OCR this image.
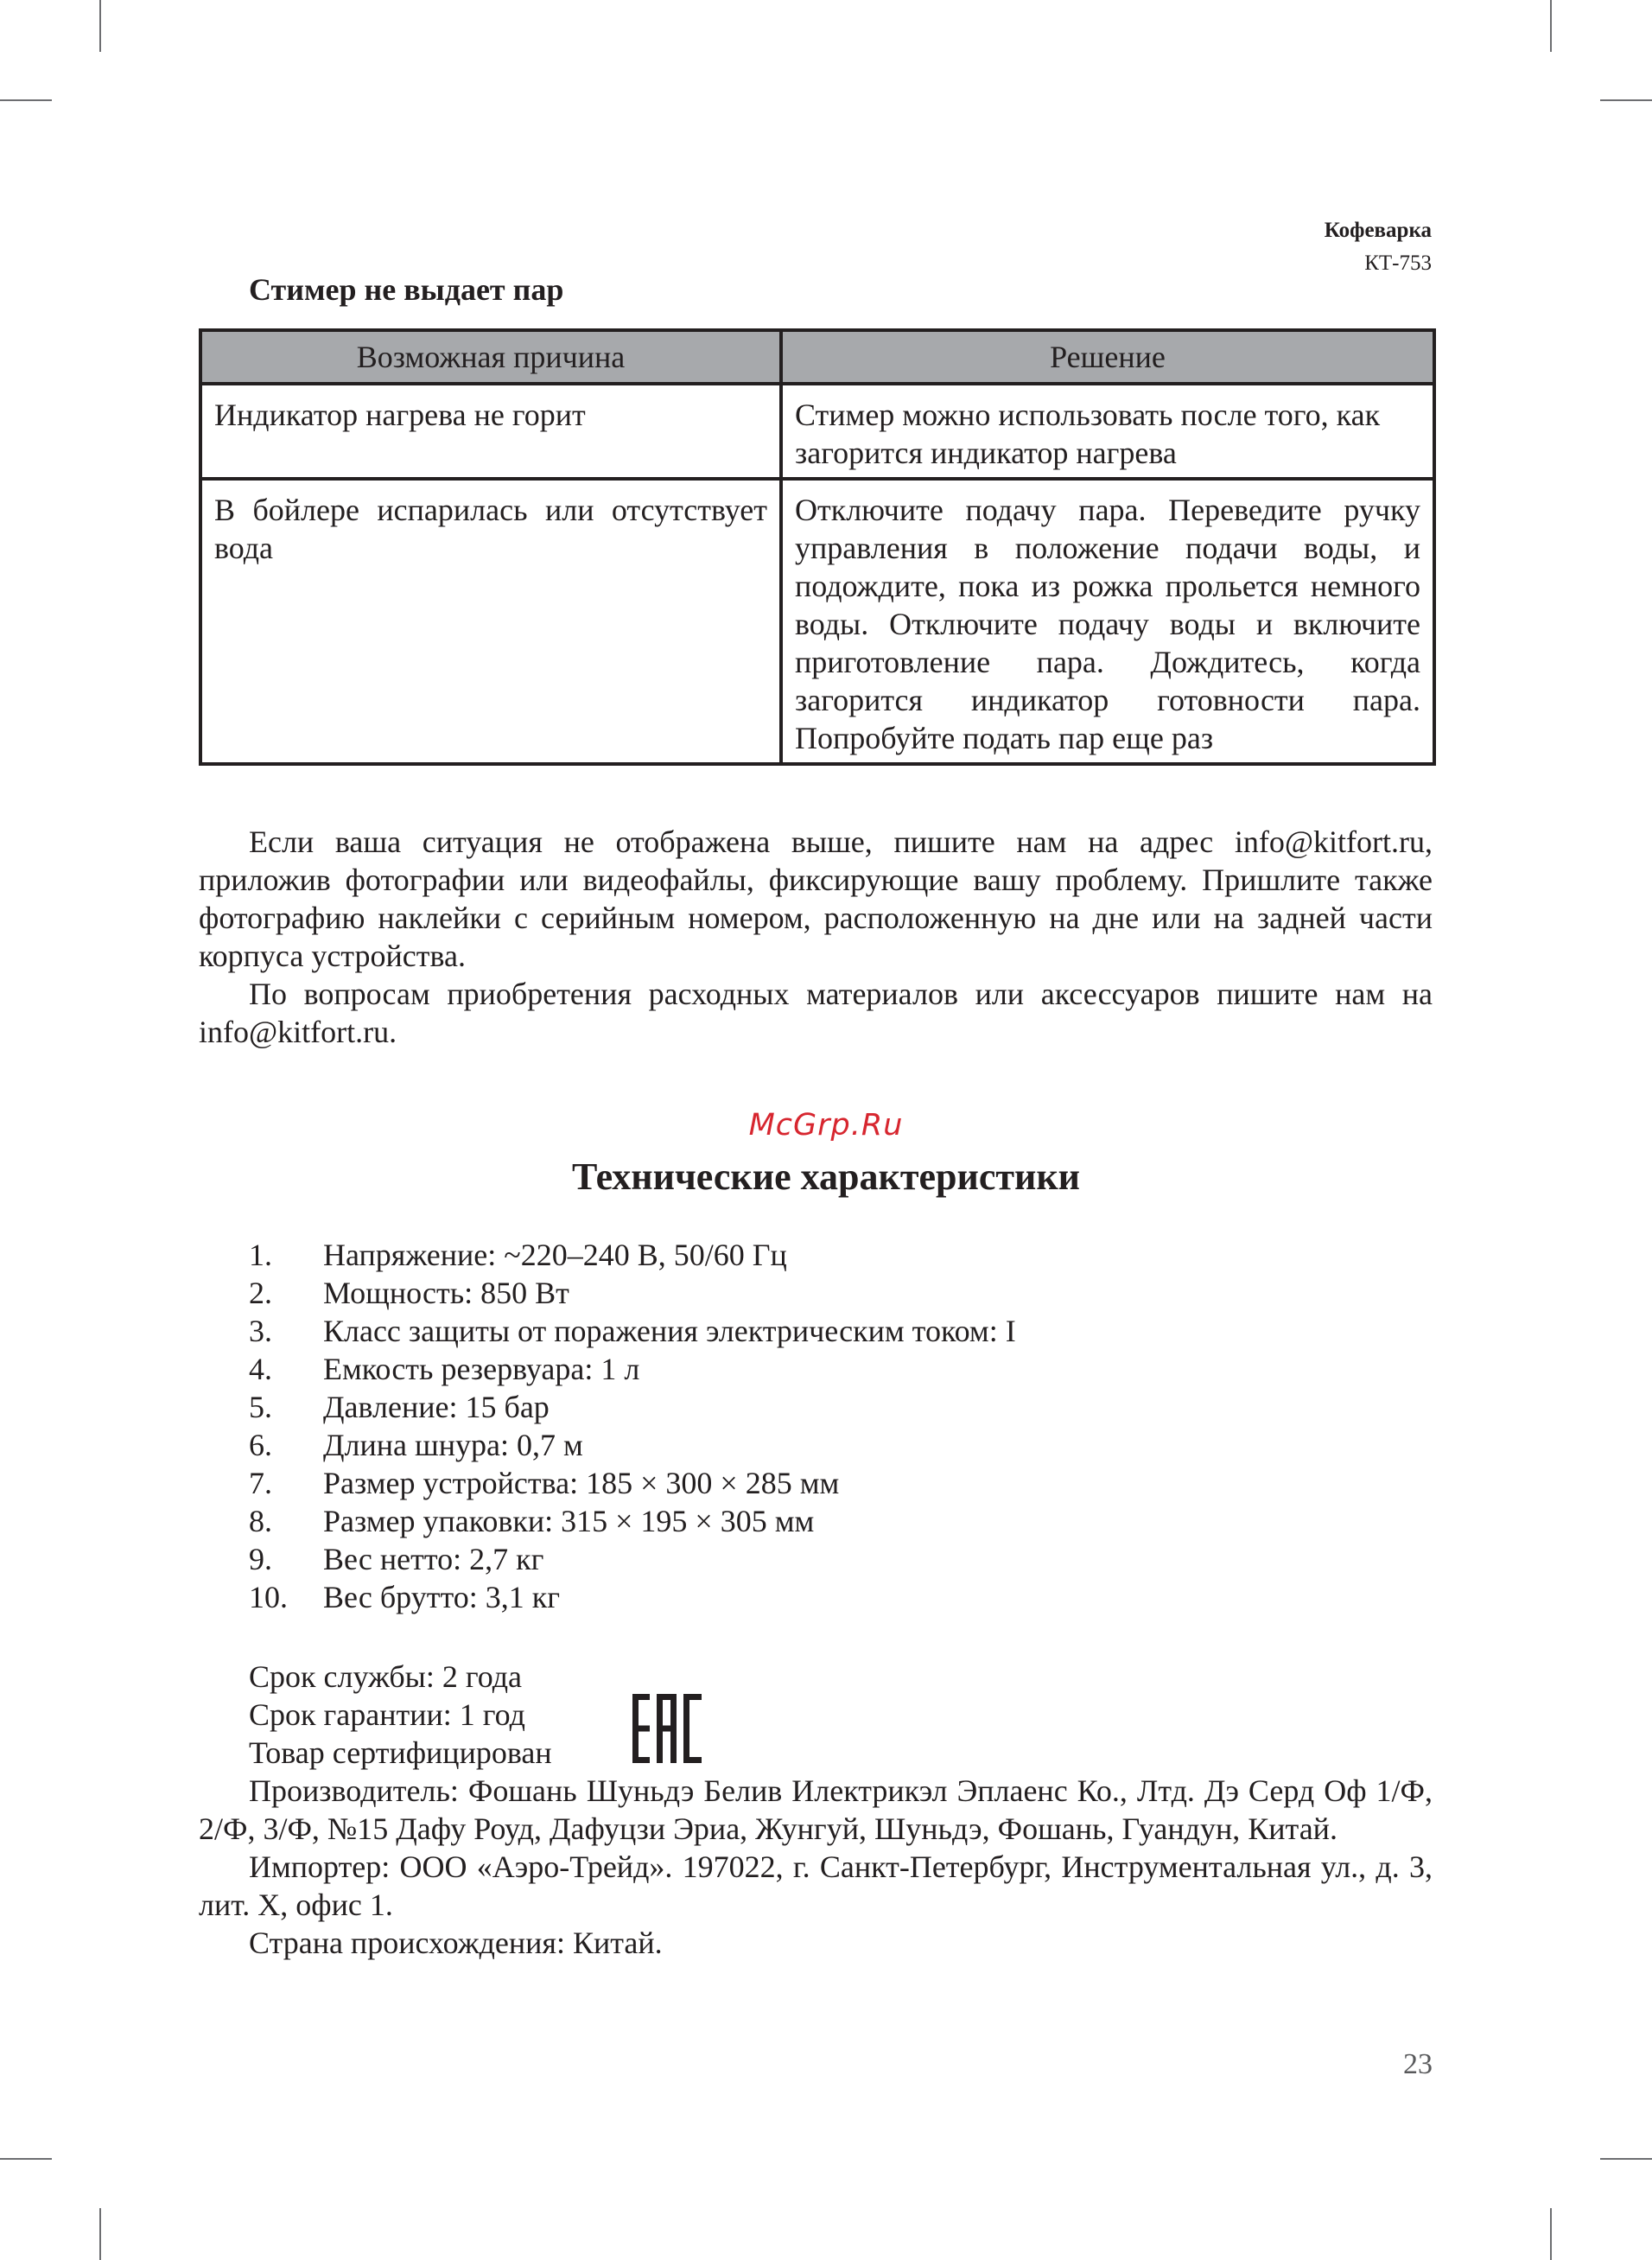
Кофеварка
КТ-753
Стимер не выдает пар
Возможная причина	Решение
Индикатор нагрева не горит	Стимер можно использовать после того, как загорится индикатор нагрева
В бойлере испарилась или отсутствует вода	Отключите подачу пара. Переведите ручку управления в положение подачи воды, и подождите, пока из рожка прольется немного воды. Отключите подачу воды и включите приготовление пара. Дождитесь, когда загорится индикатор готовности пара. Попробуйте подать пар еще раз

Если ваша ситуация не отображена выше, пишите нам на адрес info@kitfort.ru, приложив фотографии или видеофайлы, фиксирующие вашу проблему. Пришлите также фотографию наклейки с серийным номером, расположенную на дне или на задней части корпуса устройства.

По вопросам приобретения расходных материалов или аксессуаров пишите нам на info@kitfort.ru.

McGrp.Ru
Технические характеристики
1.	Напряжение: ~220–240 В, 50/60 Гц
2.	Мощность: 850 Вт
3.	Класс защиты от поражения электрическим током: I
4.	Емкость резервуара: 1 л
5.	Давление: 15 бар
6.	Длина шнура: 0,7 м
7.	Размер устройства: 185 × 300 × 285 мм
8.	Размер упаковки: 315 × 195 × 305 мм
9.	Вес нетто: 2,7 кг
10.	Вес брутто: 3,1 кг
Срок службы: 2 года
Срок гарантии: 1 год
Товар сертифицирован

Производитель: Фошань Шуньдэ Белив Илектрикэл Эплаенс Ко., Лтд. Дэ Серд Оф 1/Ф, 2/Ф, 3/Ф, №15 Дафу Роуд, Дафуцзи Эриа, Жунгуй, Шуньдэ, Фошань, Гуандун, Китай.

Импортер: ООО «Аэро-Трейд». 197022, г. Санкт-Петербург, Инструментальная ул., д. 3, лит. Х, офис 1.

Страна происхождения: Китай.

23
